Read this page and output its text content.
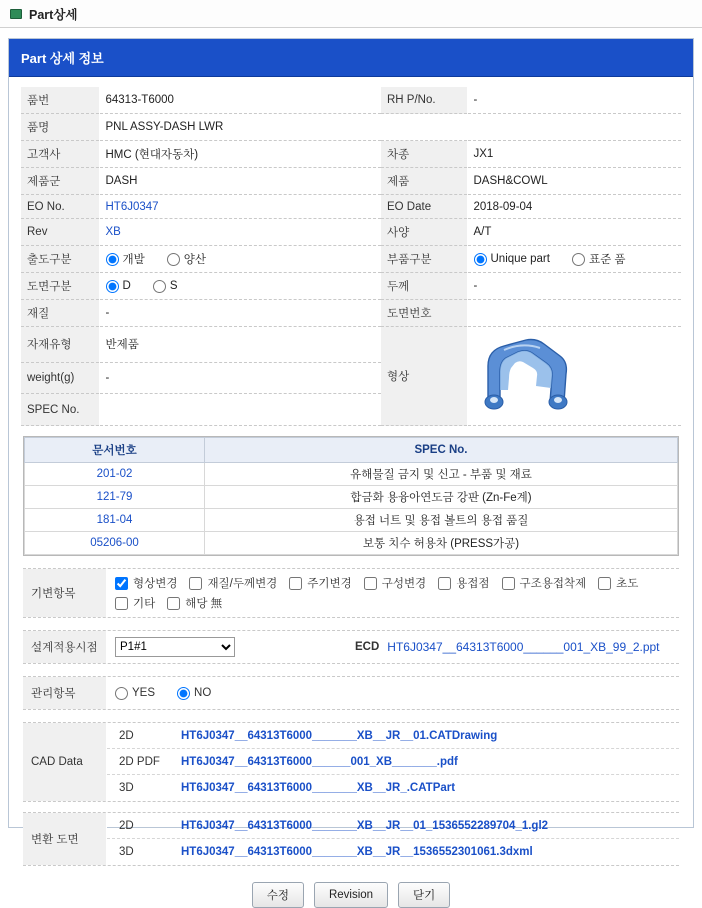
Part상세
Part 상세 정보
품번	64313-T6000	RH P/No.	-
품명	PNL ASSY-DASH LWR		
고객사	HMC (현대자동차)	차종	JX1
제품군	DASH	제품	DASH&COWL
EO No.	HT6J0347	EO Date	2018-09-04
Rev	XB	사양	A/T
출도구분	개발 양산	부품구분	Unique part 표준 품

도면구분	D S	두께	-
재질	-	도면번호	
자재유형	반제품	형상	

weight(g)	-		
SPEC No.			
문서번호	SPEC No.
201-02	유해물질 금지 및 신고 - 부품 및 재료
121-79	합금화 용융아연도금 강판 (Zn-Fe계)
181-04	용접 너트 및 용접 볼트의 용접 품질
05206-00	보통 치수 허용차 (PRESS가공)
기변항목
형상변경	재질/두께변경	주기변경	구성변경	용접점	구조용접착제	초도
기타	해당 無
설계적용시점
P1#1	ECD HT6J0347__64313T6000______001_XB_99_2.ppt
관리항목	YES	NO
CAD Data
2D	HT6J0347__64313T6000_______XB__JR__01.CATDrawing
2D PDF	HT6J0347__64313T6000______001_XB_______.pdf
3D	HT6J0347__64313T6000_______XB__JR_.CATPart
변환 도면
2D	HT6J0347__64313T6000_______XB__JR__01_1536552289704_1.gl2
3D	HT6J0347__64313T6000_______XB__JR__1536552301061.3dxml
수정	Revision	닫기
